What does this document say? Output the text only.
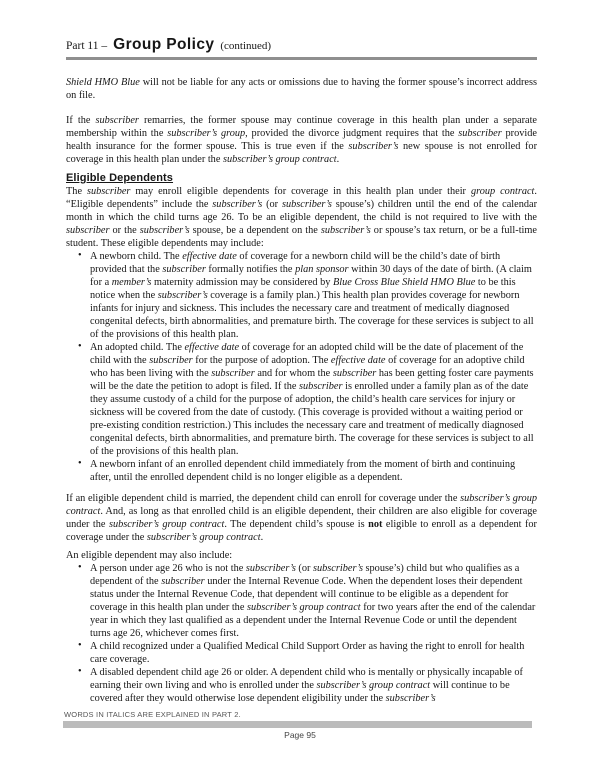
Part 11 – Group Policy (continued)

Shield HMO Blue will not be liable for any acts or omissions due to having the former spouse’s incorrect address on file.

If the subscriber remarries, the former spouse may continue coverage in this health plan under a separate membership within the subscriber’s group, provided the divorce judgment requires that the subscriber provide health insurance for the former spouse. This is true even if the subscriber’s new spouse is not enrolled for coverage in this health plan under the subscriber’s group contract.

Eligible Dependents

The subscriber may enroll eligible dependents for coverage in this health plan under their group contract. “Eligible dependents” include the subscriber’s (or subscriber’s spouse’s) children until the end of the calendar month in which the child turns age 26. To be an eligible dependent, the child is not required to live with the subscriber or the subscriber’s spouse, be a dependent on the subscriber’s or spouse’s tax return, or be a full-time student. These eligible dependents may include:

• A newborn child. The effective date of coverage for a newborn child will be the child’s date of birth provided that the subscriber formally notifies the plan sponsor within 30 days of the date of birth. (A claim for a member’s maternity admission may be considered by Blue Cross Blue Shield HMO Blue to be this notice when the subscriber’s coverage is a family plan.) This health plan provides coverage for newborn infants for injury and sickness. This includes the necessary care and treatment of medically diagnosed congenital defects, birth abnormalities, and premature birth. The coverage for these services is subject to all of the provisions of this health plan.
• An adopted child. The effective date of coverage for an adopted child will be the date of placement of the child with the subscriber for the purpose of adoption. The effective date of coverage for an adoptive child who has been living with the subscriber and for whom the subscriber has been getting foster care payments will be the date the petition to adopt is filed. If the subscriber is enrolled under a family plan as of the date they assume custody of a child for the purpose of adoption, the child’s health care services for injury or sickness will be covered from the date of custody. (This coverage is provided without a waiting period or pre-existing condition restriction.) This includes the necessary care and treatment of medically diagnosed congenital defects, birth abnormalities, and premature birth. The coverage for these services is subject to all of the provisions of this health plan.
• A newborn infant of an enrolled dependent child immediately from the moment of birth and continuing after, until the enrolled dependent child is no longer eligible as a dependent.

If an eligible dependent child is married, the dependent child can enroll for coverage under the subscriber’s group contract. And, as long as that enrolled child is an eligible dependent, their children are also eligible for coverage under the subscriber’s group contract. The dependent child’s spouse is not eligible to enroll as a dependent for coverage under the subscriber’s group contract.

An eligible dependent may also include:

• A person under age 26 who is not the subscriber’s (or subscriber’s spouse’s) child but who qualifies as a dependent of the subscriber under the Internal Revenue Code. When the dependent loses their dependent status under the Internal Revenue Code, that dependent will continue to be eligible as a dependent for coverage in this health plan under the subscriber’s group contract for two years after the end of the calendar year in which they last qualified as a dependent under the Internal Revenue Code or until the dependent turns age 26, whichever comes first.
• A child recognized under a Qualified Medical Child Support Order as having the right to enroll for health care coverage.
• A disabled dependent child age 26 or older. A dependent child who is mentally or physically incapable of earning their own living and who is enrolled under the subscriber’s group contract will continue to be covered after they would otherwise lose dependent eligibility under the subscriber’s
WORDS IN ITALICS ARE EXPLAINED IN PART 2.
Page 95
